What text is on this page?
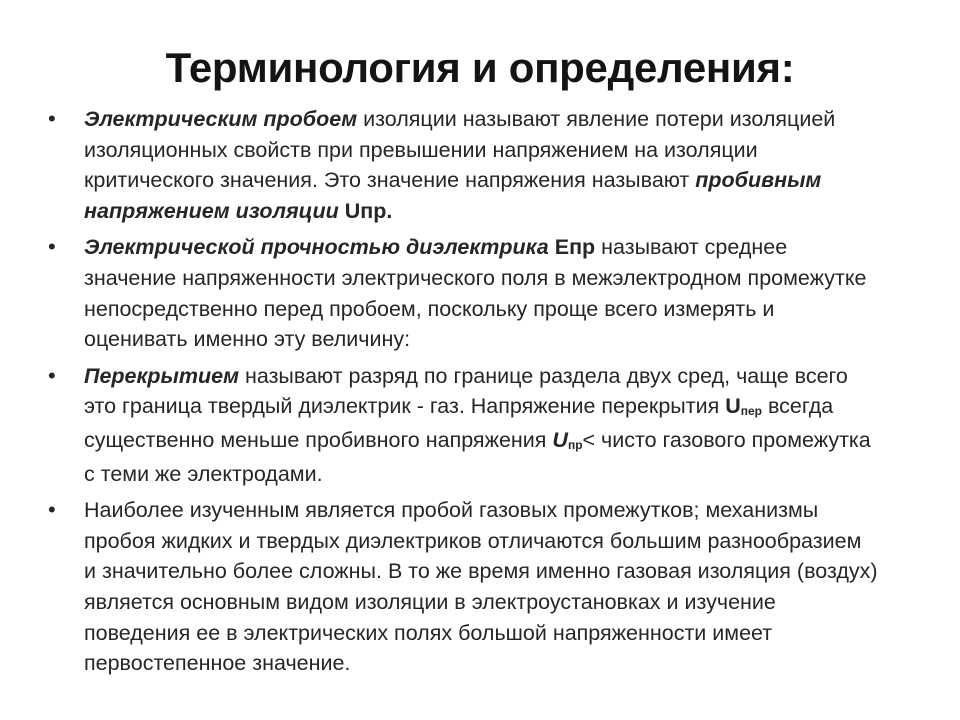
Терминология и определения:
• Электрическим пробоем изоляции называют явление потери изоляцией изоляционных свойств при превышении напряжением на изоляции критического значения. Это значение напряжения называют пробивным напряжением изоляции Uпр.
• Электрической прочностью диэлектрика Епр называют среднее значение напряженности электрического поля в межэлектродном промежутке непосредственно перед пробоем, поскольку проще всего измерять и оценивать именно эту величину:
• Перекрытием называют разряд по границе раздела двух сред, чаще всего это граница твердый диэлектрик - газ. Напряжение перекрытия $U_{пер}$ всегда существенно меньше пробивного напряжения $U_{пр}<$ чисто газового промежутка с теми же электродами.
• Наиболее изученным является пробой газовых промежутков; механизмы пробоя жидких и твердых диэлектриков отличаются большим разнообразием и значительно более сложны. В то же время именно газовая изоляция (воздух) является основным видом изоляции в электроустановках и изучение поведения ее в электрических полях большой напряженности имеет первостепенное значение.
